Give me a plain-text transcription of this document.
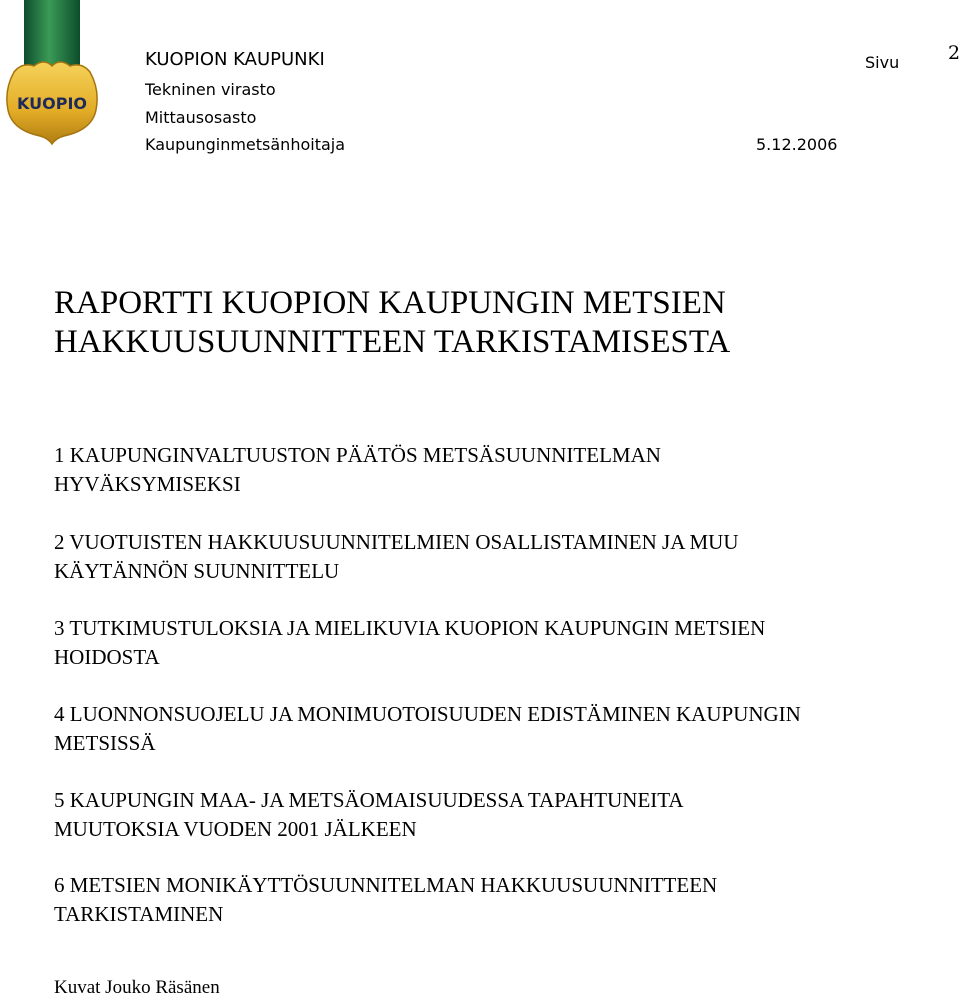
KUOPIO
KUOPION KAUPUNKI
Tekninen virasto
Mittausosasto
Kaupunginmetsänhoitaja	5.12.2006
Sivu	2
RAPORTTI KUOPION KAUPUNGIN METSIEN
HAKKUUSUUNNITTEEN TARKISTAMISESTA
1 KAUPUNGINVALTUUSTON PÄÄTÖS METSÄSUUNNITELMAN
HYVÄKSYMISEKSI
2 VUOTUISTEN HAKKUUSUUNNITELMIEN OSALLISTAMINEN JA MUU
KÄYTÄNNÖN SUUNNITTELU
3 TUTKIMUSTULOKSIA JA MIELIKUVIA KUOPION KAUPUNGIN METSIEN
HOIDOSTA
4 LUONNONSUOJELU JA MONIMUOTOISUUDEN EDISTÄMINEN KAUPUNGIN
METSISSÄ
5 KAUPUNGIN MAA- JA METSÄOMAISUUDESSA TAPAHTUNEITA
MUUTOKSIA VUODEN 2001 JÄLKEEN
6 METSIEN MONIKÄYTTÖSUUNNITELMAN HAKKUUSUUNNITTEEN
TARKISTAMINEN
Kuvat Jouko Räsänen
